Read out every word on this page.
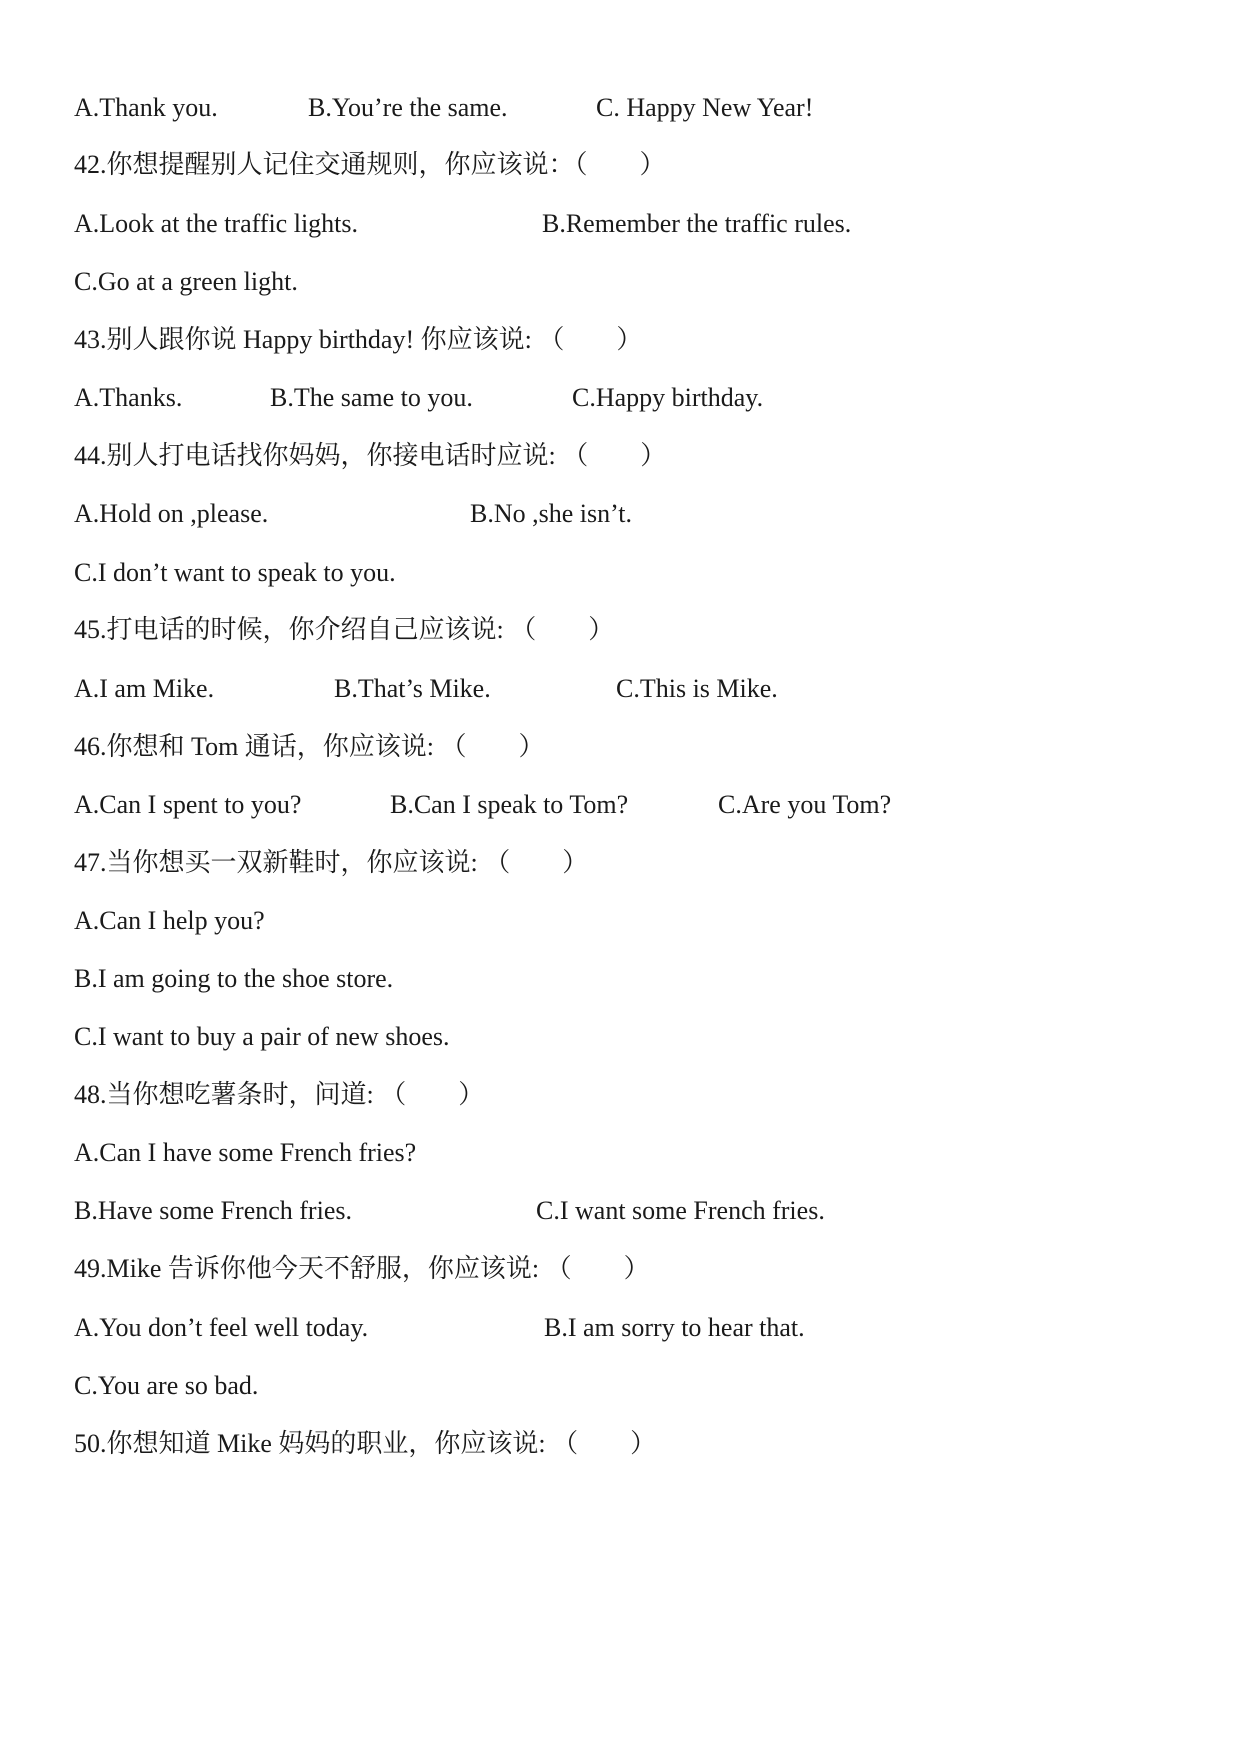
A.Thank you.	B.You’re the same.	C. Happy New Year!
42.你想提醒别人记住交通规则，你应该说：（　　）
A.Look at the traffic lights.	B.Remember the traffic rules.
C.Go at a green light.
43.别人跟你说 Happy birthday! 你应该说: （　　）
A.Thanks.	B.The same to you.	C.Happy birthday.
44.别人打电话找你妈妈，你接电话时应说: （　　）
A.Hold on ,please.	B.No ,she isn’t.
C.I don’t want to speak to you.
45.打电话的时候，你介绍自己应该说: （　　）
A.I am Mike.	B.That’s Mike.	C.This is Mike.
46.你想和 Tom 通话，你应该说: （　　）
A.Can I spent to you?	B.Can I speak to Tom?	C.Are you Tom?
47.当你想买一双新鞋时，你应该说: （　　）
A.Can I help you?
B.I am going to the shoe store.
C.I want to buy a pair of new shoes.
48.当你想吃薯条时，问道: （　　）
A.Can I have some French fries?
B.Have some French fries.	C.I want some French fries.
49.Mike 告诉你他今天不舒服，你应该说: （　　）
A.You don’t feel well today.	B.I am sorry to hear that.
C.You are so bad.
50.你想知道 Mike 妈妈的职业，你应该说: （　　）
